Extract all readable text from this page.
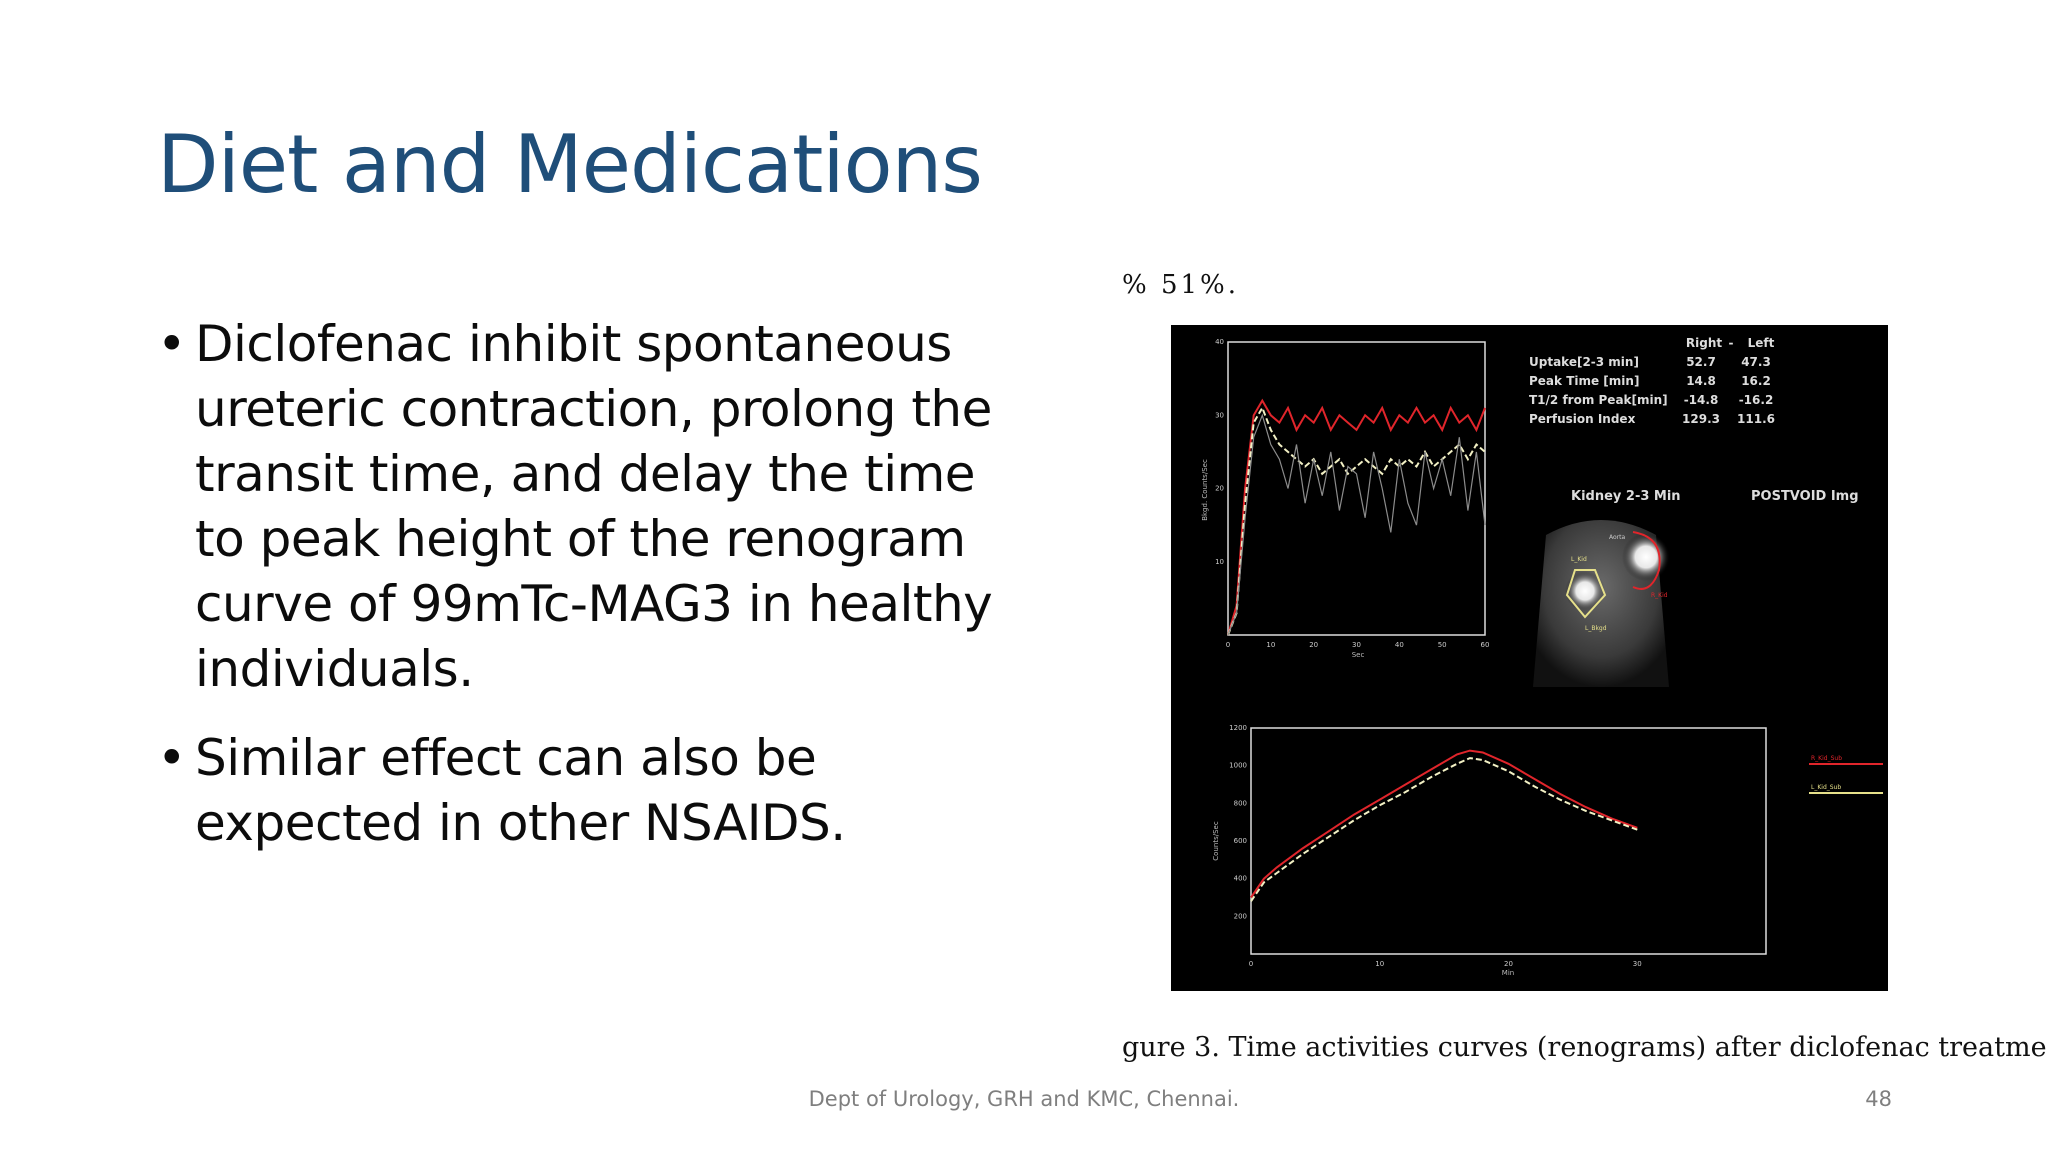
Diet and Medications
• Diclofenac inhibit spontaneous ureteric contraction, prolong the transit time, and delay the time to peak height of the renogram curve of 99mTc-MAG3 in healthy individuals.
• Similar effect can also be expected in other NSAIDS.
% 51%.
Bkgd. Counts/Sec
Sec
0	10	20	30	40	50	60
10
20
30
40	Right - Left
Uptake[2-3 min]	52.7 47.3
Peak Time [min]	14.8 16.2
T1/2 from Peak[min] -14.8 -16.2
Perfusion Index	129.3 111.6
Kidney 2-3 Min	POSTVOID Img
L_Kid
R_Kid
Aorta
L_Bkgd
Counts/Sec
Min
0	10	20	30
200
400
600
800
1000
1200
R_Kid_Sub
L_Kid_Sub
gure 3. Time activities curves (renograms) after diclofenac treatme
Dept of Urology, GRH and KMC, Chennai.	48
